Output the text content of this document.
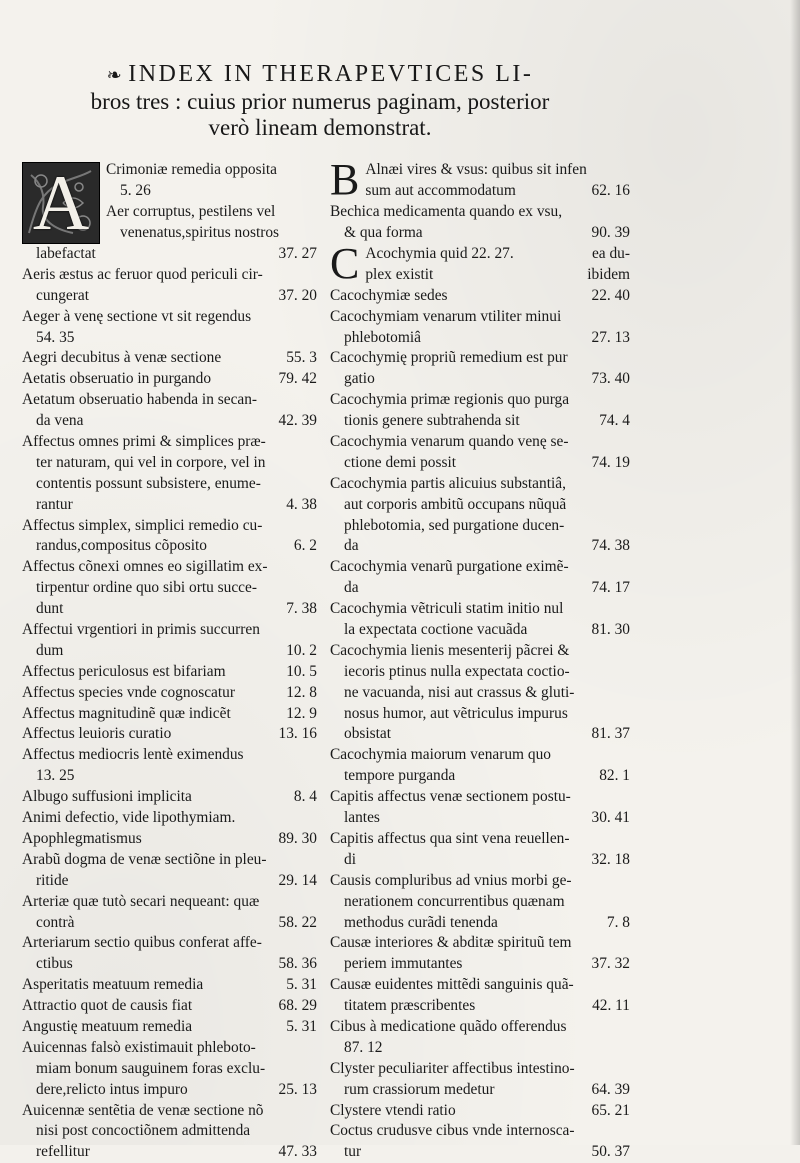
❧ INDEX IN THERAPEVTICES LI-
bros tres : cuius prior numerus paginam, posterior
verò lineam demonstrat.
A	Crimoniæ remedia opposita
5. 26
Aer corruptus, pestilens vel
venenatus,spiritus nostros
labefactat	37. 27
Aeris æstus ac feruor quod periculi cir-
cungerat	37. 20
Aeger à venę sectione vt sit regendus
54. 35
Aegri decubitus à venæ sectione	55. 3
Aetatis obseruatio in purgando	79. 42
Aetatum obseruatio habenda in secan-
da vena	42. 39
Affectus omnes primi & simplices præ-
ter naturam, qui vel in corpore, vel in
contentis possunt subsistere, enume-
rantur	4. 38
Affectus simplex, simplici remedio cu-
randus,compositus cõposito	6. 2
Affectus cõnexi omnes eo sigillatim ex-
tirpentur ordine quo sibi ortu succe-
dunt	7. 38
Affectui vrgentiori in primis succurren
dum	10. 2
Affectus periculosus est bifariam	10. 5
Affectus species vnde cognoscatur	12. 8
Affectus magnitudinẽ quæ indicẽt	12. 9
Affectus leuioris curatio	13. 16
Affectus mediocris lentè eximendus
13. 25
Albugo suffusioni implicita	8. 4
Animi defectio, vide lipothymiam.
Apophlegmatismus	89. 30
Arabũ dogma de venæ sectiõne in pleu-
ritide	29. 14
Arteriæ quæ tutò secari nequeant: quæ
contrà	58. 22
Arteriarum sectio quibus conferat affe-
ctibus	58. 36
Asperitatis meatuum remedia	5. 31
Attractio quot de causis fiat	68. 29
Angustię meatuum remedia	5. 31
Auicennas falsò existimauit phleboto-
miam bonum sauguinem foras exclu-
dere,relicto intus impuro	25. 13
Auicennæ sentẽtia de venæ sectione nõ
nisi post concoctiõnem admittenda
refellitur	47. 33
B Alnæi vires & vsus: quibus sit infen
sum aut accommodatum	62. 16
Bechica medicamenta quando ex vsu,
& qua forma	90. 39
C Acochymia quid 22. 27.	ea du-
plex existit	ibidem
Cacochymiæ sedes	22. 40
Cacochymiam venarum vtiliter minui
phlebotomiâ	27. 13
Cacochymię propriũ remedium est pur
gatio	73. 40
Cacochymia primæ regionis quo purga
tionis genere subtrahenda sit	74. 4
Cacochymia venarum quando venę se-
ctione demi possit	74. 19
Cacochymia partis alicuius substantiâ,
aut corporis ambitũ occupans nũquã
phlebotomia, sed purgatione ducen-
da	74. 38
Cacochymia venarũ purgatione eximẽ-
da	74. 17
Cacochymia vẽtriculi statim initio nul
la expectata coctione vacuãda	81. 30
Cacochymia lienis mesenterij pãcrei &
iecoris ptinus nulla expectata coctio-
ne vacuanda, nisi aut crassus & gluti-
nosus humor, aut vẽtriculus impurus
obsistat	81. 37
Cacochymia maiorum venarum quo
tempore purganda	82. 1
Capitis affectus venæ sectionem postu-
lantes	30. 41
Capitis affectus qua sint vena reuellen-
di	32. 18
Causis compluribus ad vnius morbi ge-
nerationem concurrentibus quænam
methodus curãdi tenenda	7. 8
Causæ interiores & abditæ spirituũ tem
periem immutantes	37. 32
Causæ euidentes mittẽdi sanguinis quã-
titatem præscribentes	42. 11
Cibus à medicatione quãdo offerendus
87. 12
Clyster peculiariter affectibus intestino-
rum crassiorum medetur	64. 39
Clystere vtendi ratio	65. 21
Coctus crudusve cibus vnde internosca-
tur	50. 37
